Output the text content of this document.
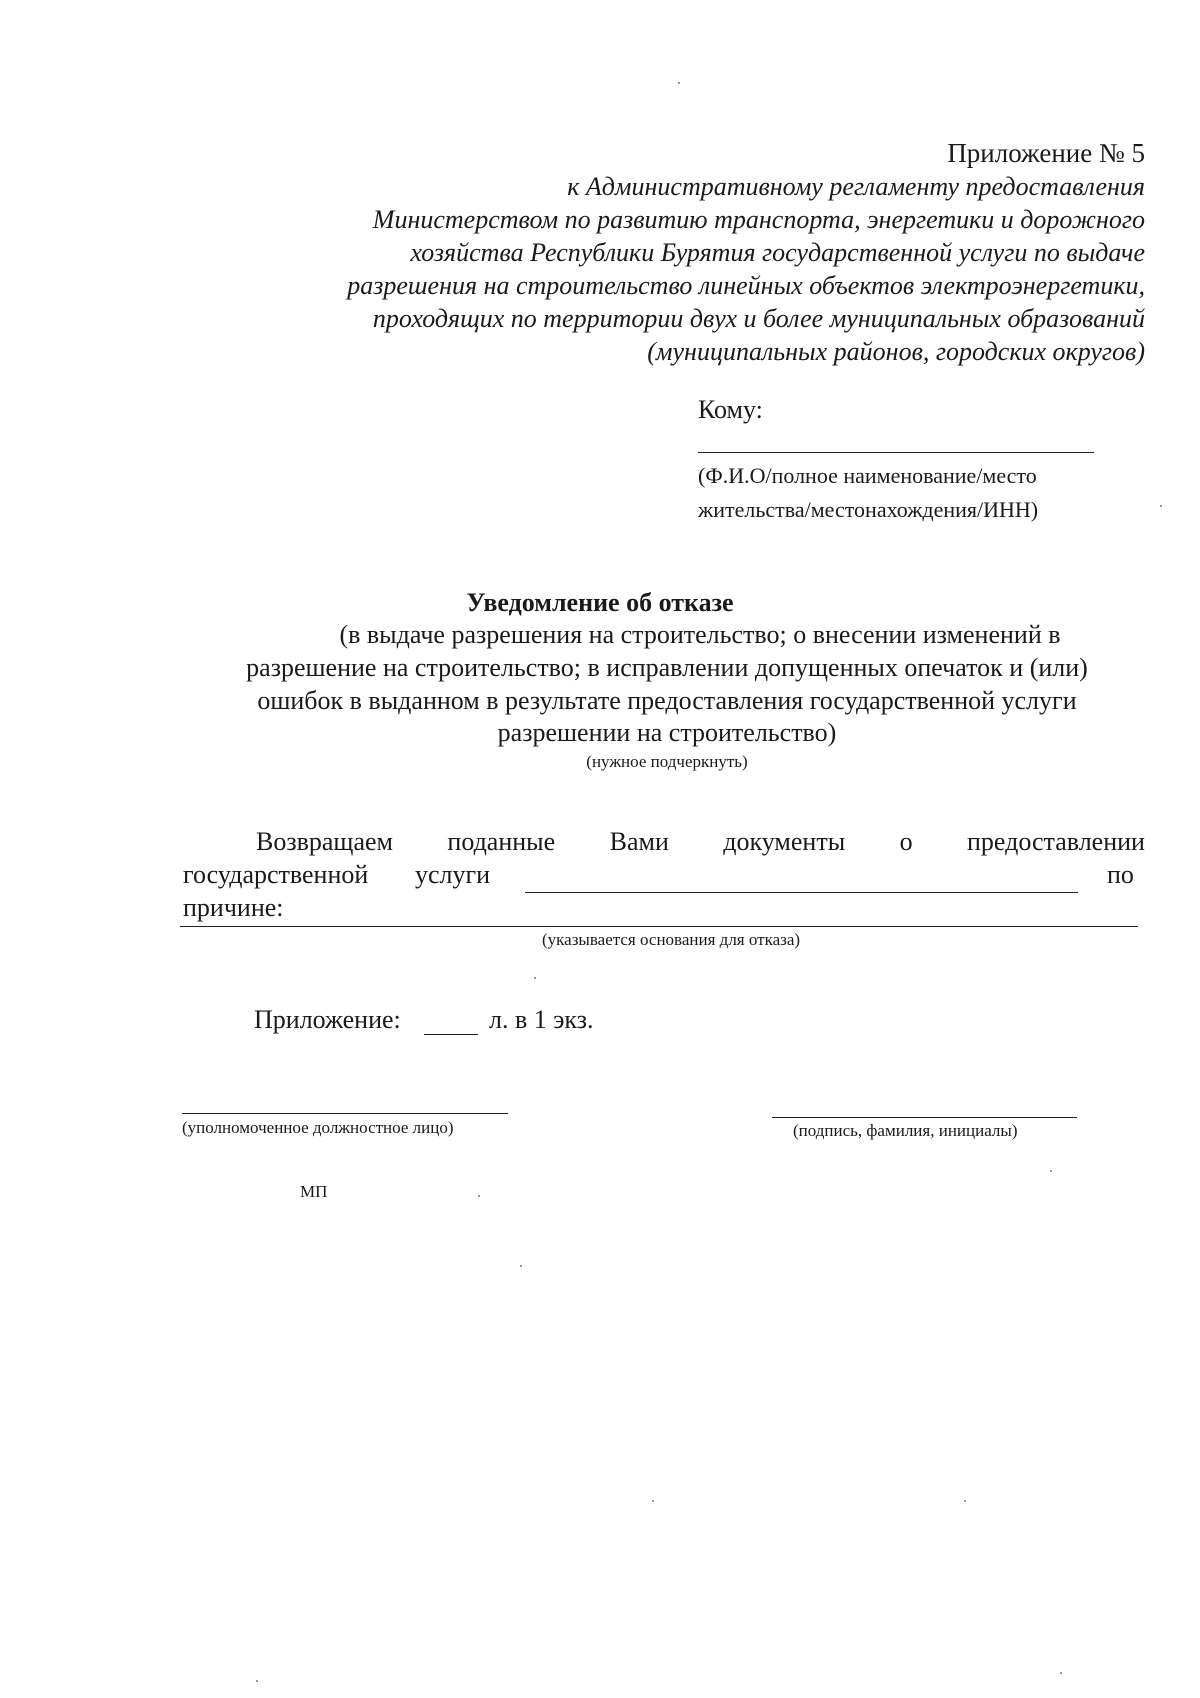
Приложение № 5
к Административному регламенту предоставления
Министерством по развитию транспорта, энергетики и дорожного
хозяйства Республики Бурятия государственной услуги по выдаче
разрешения на строительство линейных объектов электроэнергетики,
проходящих по территории двух и более муниципальных образований
(муниципальных районов, городских округов)
Кому:
(Ф.И.О/полное наименование/место
жительства/местонахождения/ИНН)
Уведомление об отказе
(в выдаче разрешения на строительство; о внесении изменений в
разрешение на строительство; в исправлении допущенных опечаток и (или)
ошибок в выданном в результате предоставления государственной услуги
разрешении на строительство)
(нужное подчеркнуть)
Возвращаем поданные Вами документы о предоставлении
государственной услуги	по
причине:
(указывается основания для отказа)
Приложение:	л. в 1 экз.
(уполномоченное должностное лицо)	(подпись, фамилия, инициалы)
МП
